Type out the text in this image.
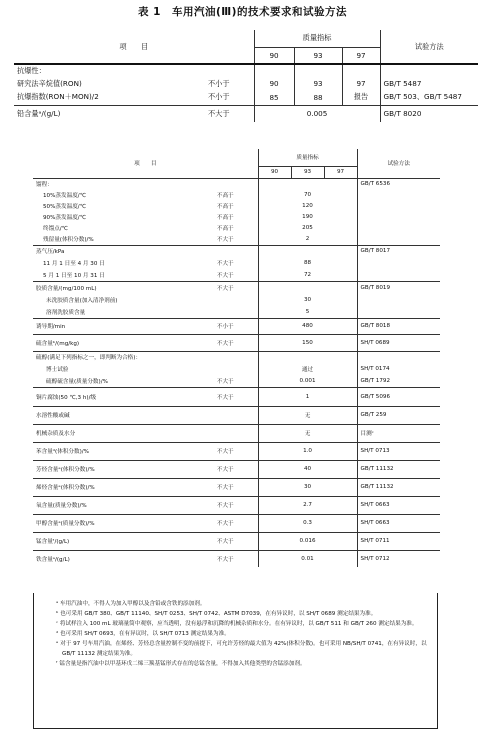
表 1　车用汽油(Ⅲ)的技术要求和试验方法
项　　目		质量指标			试验方法
		90	93	97	
抗爆性：					
研究法辛烷值(RON)	不小于	90	93	97	GB/T 5487
抗爆指数(RON＋MON)/2	不小于	85	88	报告	GB/T 503、GB/T 5487
铅含量ᵃ/(g/L)	不大于	0.005			GB/T 8020
项　　目		质量指标			试验方法
		90	93	97	
馏程：					GB/T 6536
10%蒸发温度/℃	不高于	70			
50%蒸发温度/℃	不高于	120			
90%蒸发温度/℃	不高于	190			
终馏点/℃	不高于	205			
残留量(体积分数)/%	不大于	2			
蒸气压/kPa					GB/T 8017
11 月 1 日至 4 月 30 日	不大于	88			
5 月 1 日至 10 月 31 日	不大于	72			
胶质含量/(mg/100 mL)	不大于				GB/T 8019
未洗胶质含量(加入清净剂前)		30			
溶剂洗胶质含量		5			
诱导期/min	不小于	480			GB/T 8018
硫含量ᵇ/(mg/kg)	不大于	150			SH/T 0689
硫醇(满足下列指标之一，即判断为合格)：					
博士试验		通过			SH/T 0174
硫醇硫含量(质量分数)/%	不大于	0.001			GB/T 1792
铜片腐蚀(50 ℃,3 h)/级	不大于	1			GB/T 5096
水溶性酸或碱		无			GB/T 259
机械杂质及水分		无			目测ᶜ
苯含量ᵈ(体积分数)/%	不大于	1.0			SH/T 0713
芳烃含量ᵉ(体积分数)/%	不大于	40			GB/T 11132
烯烃含量ᵉ(体积分数)/%	不大于	30			GB/T 11132
氧含量(质量分数)/%	不大于	2.7			SH/T 0663
甲醇含量ᵃ(质量分数)/%	不大于	0.3			SH/T 0663
锰含量ᶠ/(g/L)	不大于	0.016			SH/T 0711
铁含量ᵃ/(g/L)	不大于	0.01			SH/T 0712

ᵃ 车用汽油中，不得人为加入甲醇以及含铅或含铁的添加剂。

ᵇ 也可采用 GB/T 380、GB/T 11140、SH/T 0253、SH/T 0742、ASTM D7039，在有异议时，以 SH/T 0689 测定结果为准。

ᶜ 将试样注入 100 mL 玻璃量筒中观察，应当透明，没有悬浮和沉降的机械杂质和水分。在有异议时，以 GB/T 511 和 GB/T 260 测定结果为准。

ᵈ 也可采用 SH/T 0693，在有异议时，以 SH/T 0713 测定结果为准。

ᵉ 对于 97 号车用汽油，在烯烃、芳烃总含量控制不变的前提下，可允许芳烃的最大值为 42%(体积分数)。也可采用 NB/SH/T 0741，在有异议时，以 GB/T 11132 测定结果为准。

ᶠ 锰含量是指汽油中以甲基环戊二烯三羰基锰形式存在的总锰含量，不得加入其他类型的含锰添加剂。
